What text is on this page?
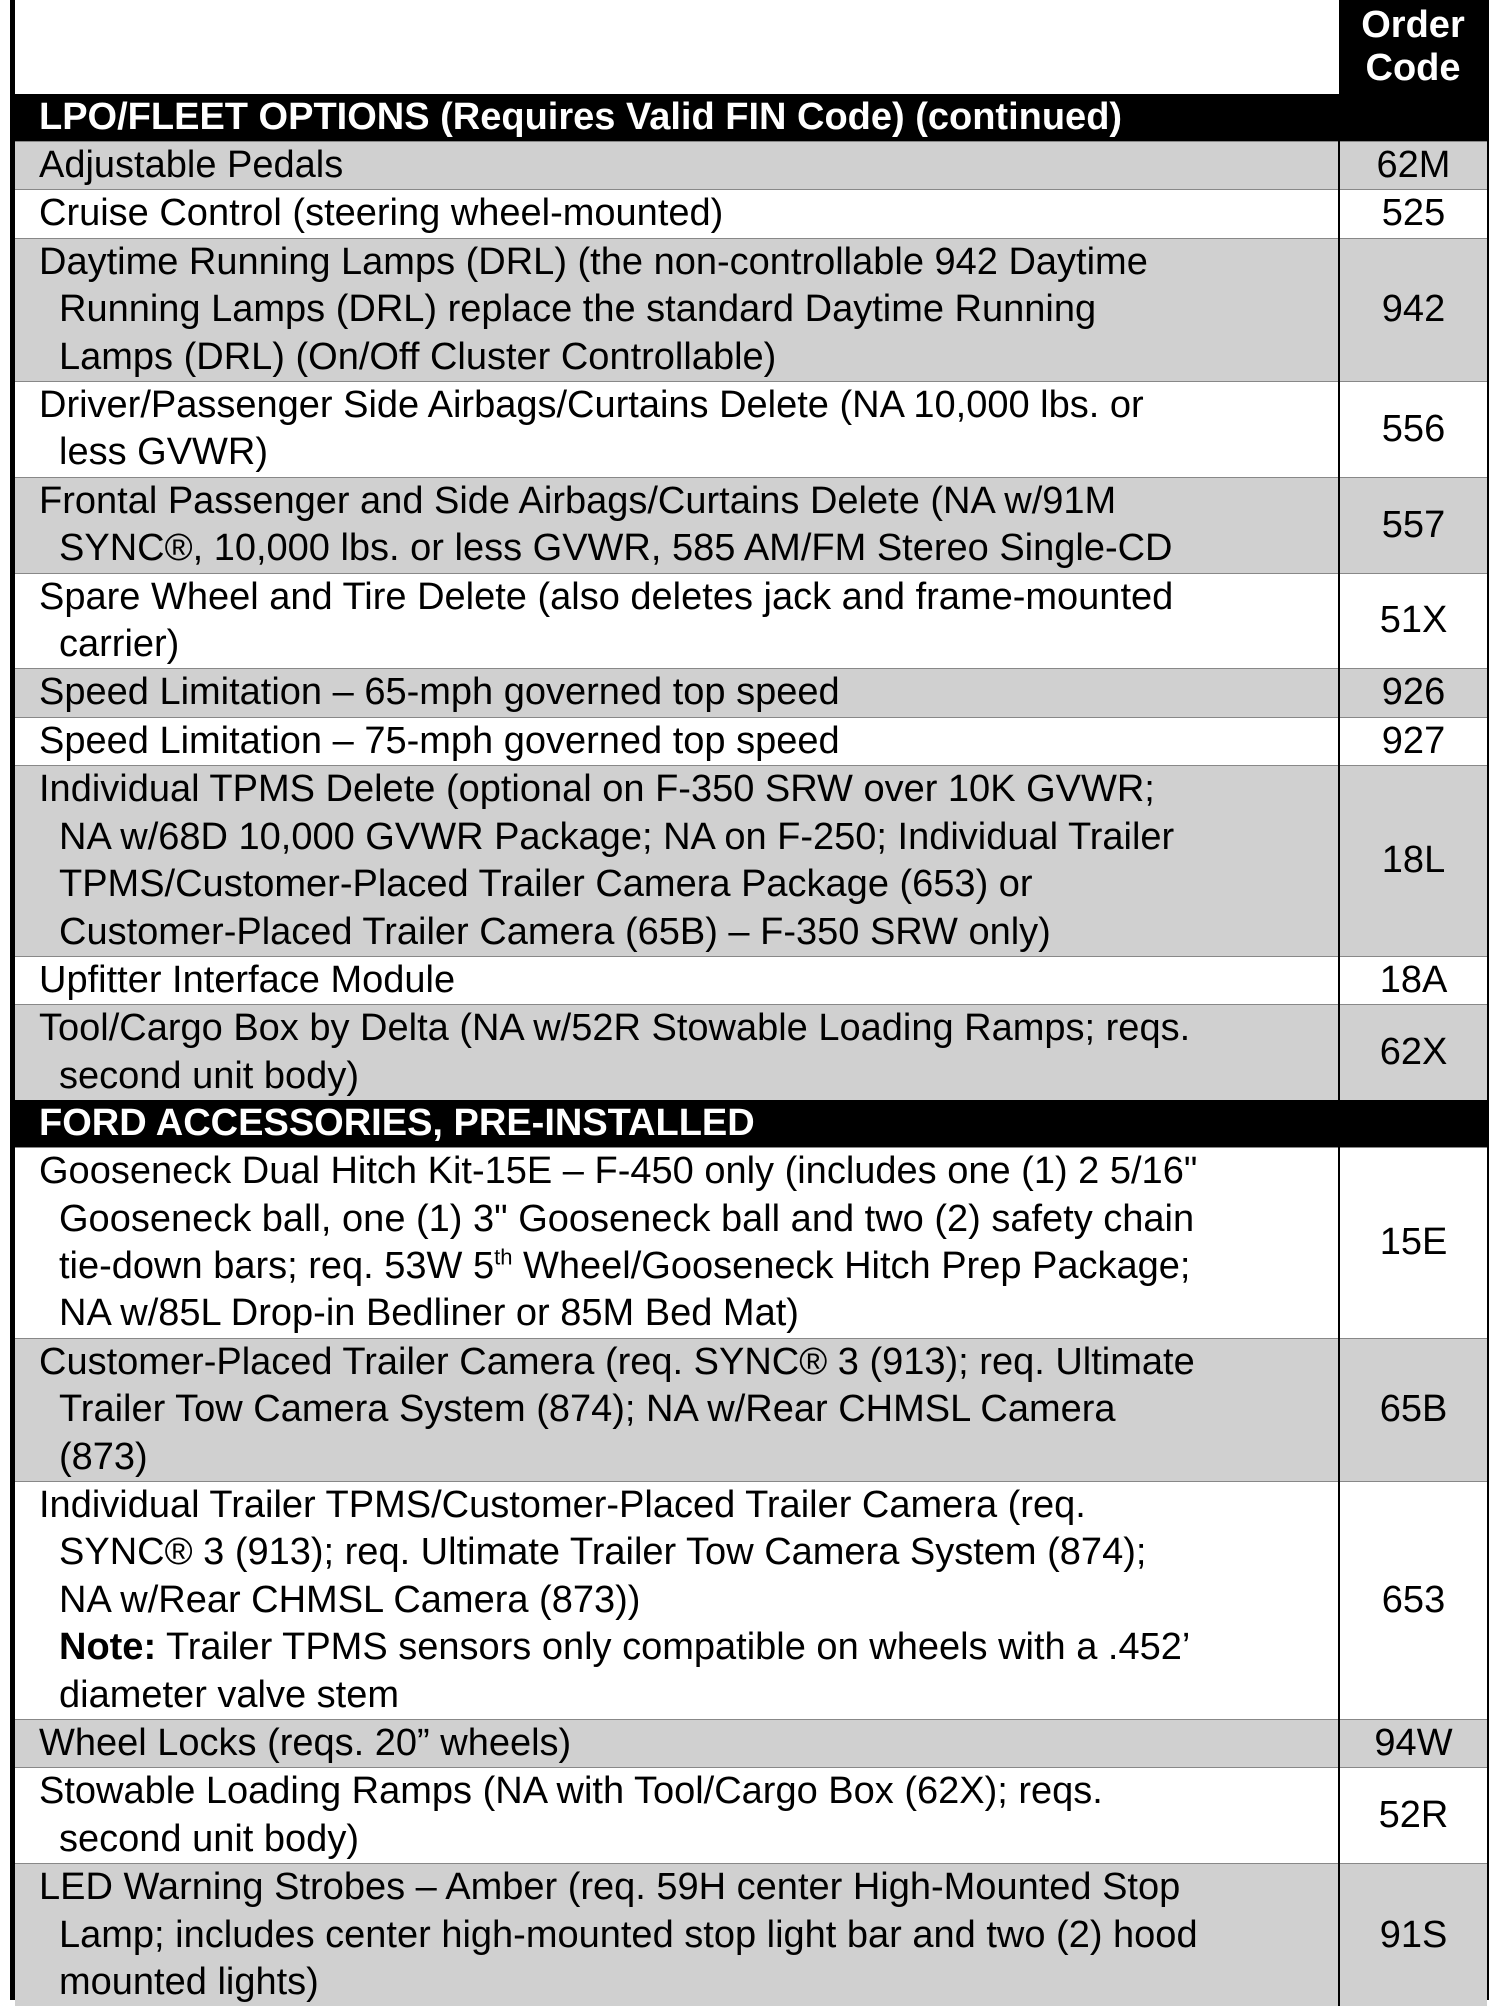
Order
Code
LPO/FLEET OPTIONS (Requires Valid FIN Code) (continued)	

Adjustable Pedals	62M

Cruise Control (steering wheel-mounted)	525

Daytime Running Lamps (DRL) (the non-controllable 942 Daytime
Running Lamps (DRL) replace the standard Daytime Running
Lamps (DRL) (On/Off Cluster Controllable)	942

Driver/Passenger Side Airbags/Curtains Delete (NA 10,000 lbs. or
less GVWR)	556

Frontal Passenger and Side Airbags/Curtains Delete (NA w/91M
SYNC®, 10,000 lbs. or less GVWR, 585 AM/FM Stereo Single-CD	557

Spare Wheel and Tire Delete (also deletes jack and frame-mounted
carrier)	51X

Speed Limitation – 65-mph governed top speed	926

Speed Limitation – 75-mph governed top speed	927

Individual TPMS Delete (optional on F-350 SRW over 10K GVWR;
NA w/68D 10,000 GVWR Package; NA on F-250; Individual Trailer
TPMS/Customer-Placed Trailer Camera Package (653) or
Customer-Placed Trailer Camera (65B) – F-350 SRW only)	18L

Upfitter Interface Module	18A

Tool/Cargo Box by Delta (NA w/52R Stowable Loading Ramps; reqs.
second unit body)	62X
FORD ACCESSORIES, PRE-INSTALLED	

Gooseneck Dual Hitch Kit-15E – F-450 only (includes one (1) 2 5/16"
Gooseneck ball, one (1) 3" Gooseneck ball and two (2) safety chain
tie-down bars; req. 53W 5th Wheel/Gooseneck Hitch Prep Package;
NA w/85L Drop-in Bedliner or 85M Bed Mat)	15E

Customer-Placed Trailer Camera (req. SYNC® 3 (913); req. Ultimate
Trailer Tow Camera System (874); NA w/Rear CHMSL Camera
(873)	65B

Individual Trailer TPMS/Customer-Placed Trailer Camera (req.
SYNC® 3 (913); req. Ultimate Trailer Tow Camera System (874);
NA w/Rear CHMSL Camera (873))
Note: Trailer TPMS sensors only compatible on wheels with a .452’
diameter valve stem	653

Wheel Locks (reqs. 20” wheels)	94W

Stowable Loading Ramps (NA with Tool/Cargo Box (62X); reqs.
second unit body)	52R

LED Warning Strobes – Amber (req. 59H center High-Mounted Stop
Lamp; includes center high-mounted stop light bar and two (2) hood
mounted lights)	91S
